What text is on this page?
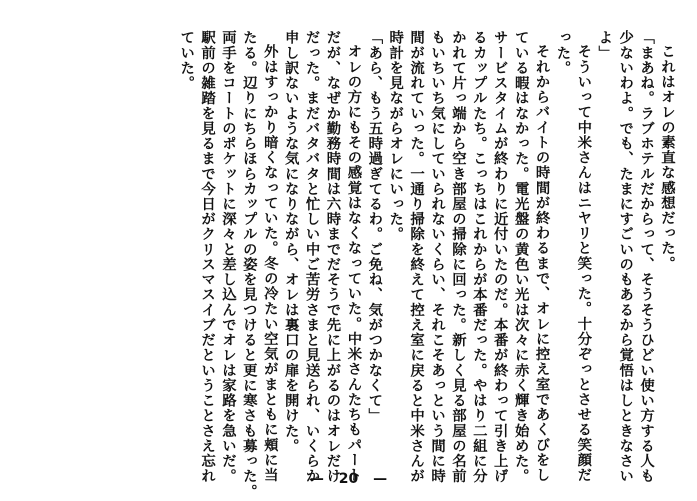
これはオレの素直な感想だった。
「まあね。ラブホテルだからって、そうそうひどい使い方する人も
少ないわよ。でも、たまにすごいのもあるから覚悟はしときなさい
よ」
そういって中米さんはニヤリと笑った。十分ぞっとさせる笑顔だ
った。
それからバイトの時間が終わるまで、オレに控え室であくびをし
ている暇はなかった。電光盤の黄色い光は次々に赤く輝き始めた。
サービスタイムが終わりに近付いたのだ。本番が終わって引き上げ
るカップルたち。こっちはこれからが本番だった。やはり二組に分
かれて片っ端から空き部屋の掃除に回った。新しく見る部屋の名前
もいちいち気にしていられないくらい、それこそあっという間に時
間が流れていった。一通り掃除を終えて控え室に戻ると中米さんが
時計を見ながらオレにいった。
「あら、もう五時過ぎてるわ。ご免ね、気がつかなくて」
オレの方にもその感覚はなくなっていた。中米さんたちもパート
だが、なぜか勤務時間は六時までだそうで先に上がるのはオレだけ
だった。まだバタバタと忙しい中ご苦労さまと見送られ、いくらか
申し訳ないような気になりながら、オレは裏口の扉を開けた。
外はすっかり暗くなっていた。冬の冷たい空気がまともに頬に当
たる。辺りにちらほらカップルの姿を見つけると更に寒さも募った。
両手をコートのポケットに深々と差し込んでオレは家路を急いだ。
駅前の雑踏を見るまで今日がクリスマスイブだということさえ忘れ
ていた。
— 20 —
